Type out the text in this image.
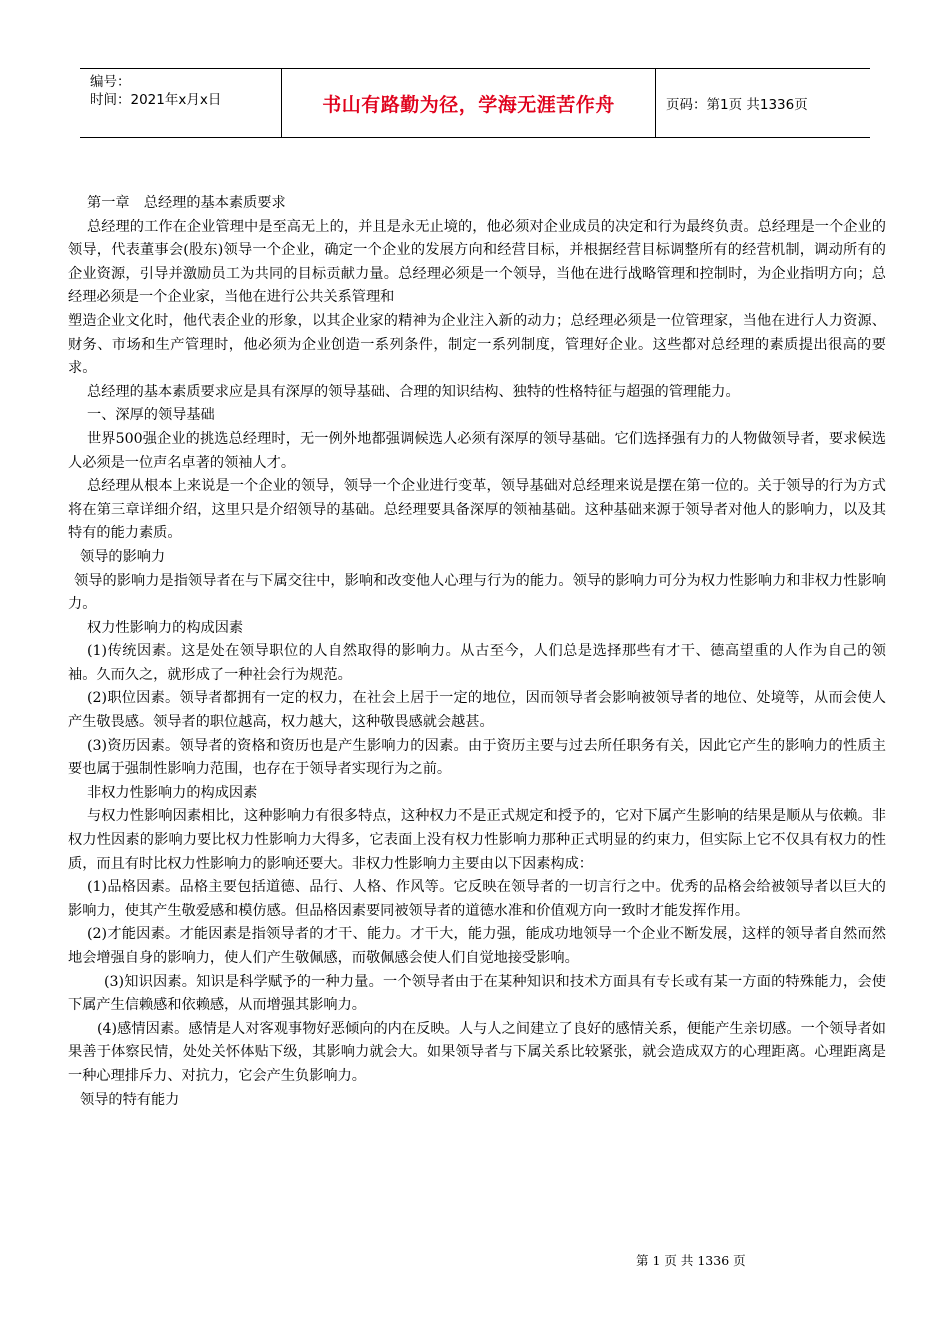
编号：
时间：2021年x月x日	书山有路勤为径，学海无涯苦作舟	页码：第1页 共1336页

第一章　总经理的基本素质要求

总经理的工作在企业管理中是至高无上的，并且是永无止境的，他必须对企业成员的决定和行为最终负责。总经理是一个企业的领导，代表董事会(股东)领导一个企业，确定一个企业的发展方向和经营目标，并根据经营目标调整所有的经营机制，调动所有的企业资源，引导并激励员工为共同的目标贡献力量。总经理必须是一个领导，当他在进行战略管理和控制时，为企业指明方向；总经理必须是一个企业家，当他在进行公共关系管理和

塑造企业文化时，他代表企业的形象，以其企业家的精神为企业注入新的动力；总经理必须是一位管理家，当他在进行人力资源、财务、市场和生产管理时，他必须为企业创造一系列条件，制定一系列制度，管理好企业。这些都对总经理的素质提出很高的要求。

总经理的基本素质要求应是具有深厚的领导基础、合理的知识结构、独特的性格特征与超强的管理能力。

一、深厚的领导基础

世界500强企业的挑选总经理时，无一例外地都强调候选人必须有深厚的领导基础。它们选择强有力的人物做领导者，要求候选人必须是一位声名卓著的领袖人才。

总经理从根本上来说是一个企业的领导，领导一个企业进行变革，领导基础对总经理来说是摆在第一位的。关于领导的行为方式将在第三章详细介绍，这里只是介绍领导的基础。总经理要具备深厚的领袖基础。这种基础来源于领导者对他人的影响力，以及其特有的能力素质。

领导的影响力

领导的影响力是指领导者在与下属交往中，影响和改变他人心理与行为的能力。领导的影响力可分为权力性影响力和非权力性影响力。

权力性影响力的构成因素

(1)传统因素。这是处在领导职位的人自然取得的影响力。从古至今，人们总是选择那些有才干、德高望重的人作为自己的领袖。久而久之，就形成了一种社会行为规范。

(2)职位因素。领导者都拥有一定的权力，在社会上居于一定的地位，因而领导者会影响被领导者的地位、处境等，从而会使人产生敬畏感。领导者的职位越高，权力越大，这种敬畏感就会越甚。

(3)资历因素。领导者的资格和资历也是产生影响力的因素。由于资历主要与过去所任职务有关，因此它产生的影响力的性质主要也属于强制性影响力范围，也存在于领导者实现行为之前。

非权力性影响力的构成因素

与权力性影响因素相比，这种影响力有很多特点，这种权力不是正式规定和授予的，它对下属产生影响的结果是顺从与依赖。非权力性因素的影响力要比权力性影响力大得多，它表面上没有权力性影响力那种正式明显的约束力，但实际上它不仅具有权力的性质，而且有时比权力性影响力的影响还要大。非权力性影响力主要由以下因素构成：

(1)品格因素。品格主要包括道德、品行、人格、作风等。它反映在领导者的一切言行之中。优秀的品格会给被领导者以巨大的影响力，使其产生敬爱感和模仿感。但品格因素要同被领导者的道德水准和价值观方向一致时才能发挥作用。

(2)才能因素。才能因素是指领导者的才干、能力。才干大，能力强，能成功地领导一个企业不断发展，这样的领导者自然而然地会增强自身的影响力，使人们产生敬佩感，而敬佩感会使人们自觉地接受影响。

(3)知识因素。知识是科学赋予的一种力量。一个领导者由于在某种知识和技术方面具有专长或有某一方面的特殊能力，会使下属产生信赖感和依赖感，从而增强其影响力。

(4)感情因素。感情是人对客观事物好恶倾向的内在反映。人与人之间建立了良好的感情关系，便能产生亲切感。一个领导者如果善于体察民情，处处关怀体贴下级，其影响力就会大。如果领导者与下属关系比较紧张，就会造成双方的心理距离。心理距离是一种心理排斥力、对抗力，它会产生负影响力。

领导的特有能力

第 1 页 共 1336 页
